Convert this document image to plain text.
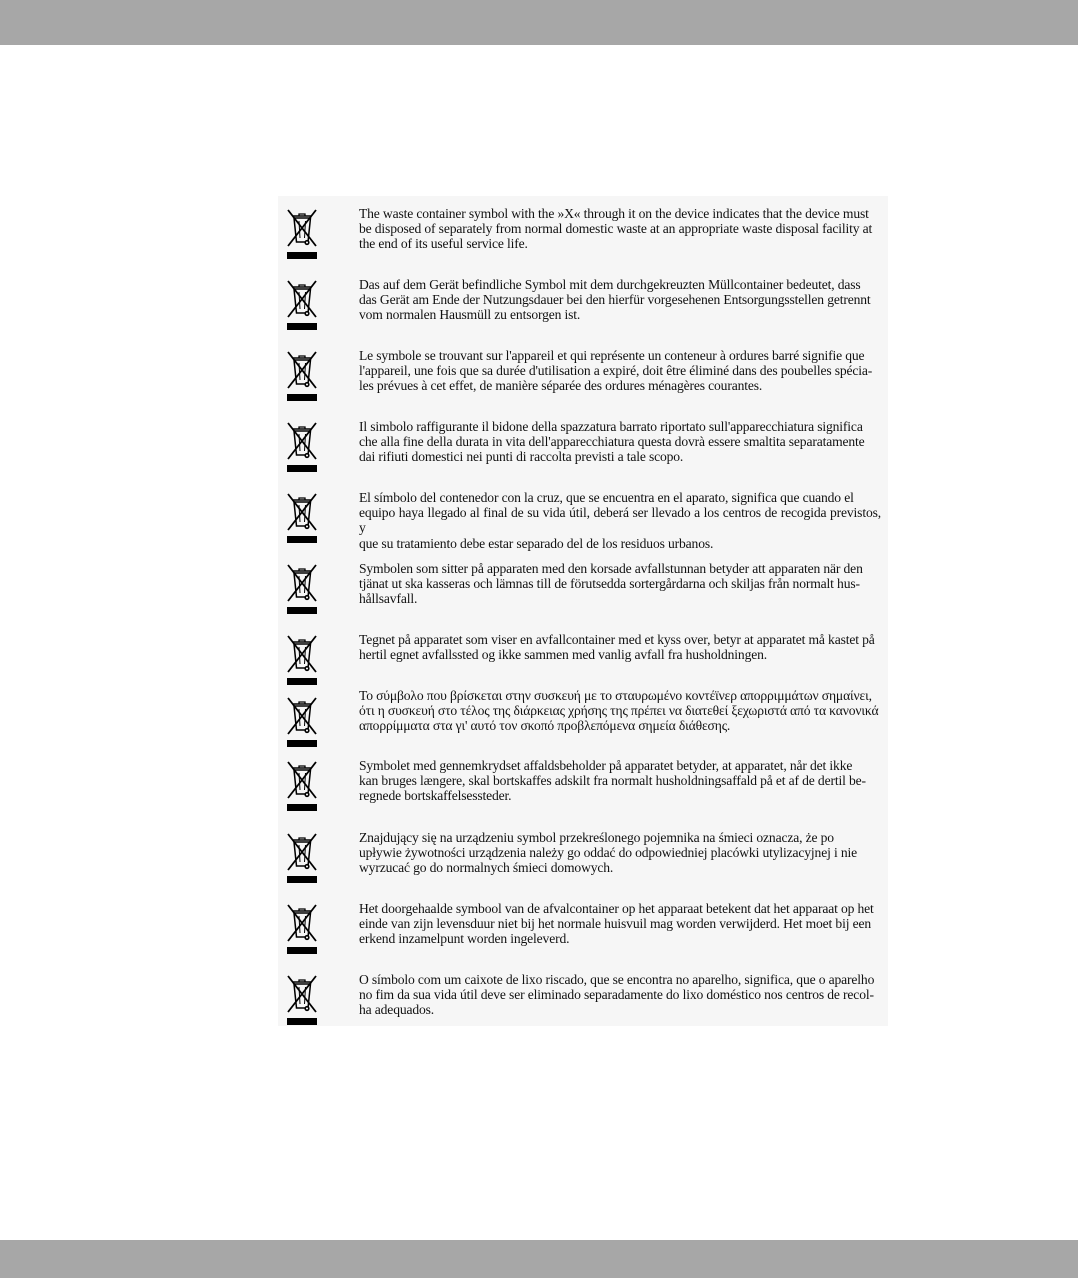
The waste container symbol with the »X« through it on the device indicates that the device must
be disposed of separately from normal domestic waste at an appropriate waste disposal facility at
the end of its useful service life.
Das auf dem Gerät befindliche Symbol mit dem durchgekreuzten Müllcontainer bedeutet, dass
das Gerät am Ende der Nutzungsdauer bei den hierfür vorgesehenen Entsorgungsstellen getrennt
vom normalen Hausmüll zu entsorgen ist.
Le symbole se trouvant sur l'appareil et qui représente un conteneur à ordures barré signifie que
l'appareil, une fois que sa durée d'utilisation a expiré, doit être éliminé dans des poubelles spécia-
les prévues à cet effet, de manière séparée des ordures ménagères courantes.
Il simbolo raffigurante il bidone della spazzatura barrato riportato sull'apparecchiatura significa
che alla fine della durata in vita dell'apparecchiatura questa dovrà essere smaltita separatamente
dai rifiuti domestici nei punti di raccolta previsti a tale scopo.
El símbolo del contenedor con la cruz, que se encuentra en el aparato, significa que cuando el
equipo haya llegado al final de su vida útil, deberá ser llevado a los centros de recogida previstos, y
que su tratamiento debe estar separado del de los residuos urbanos.
Symbolen som sitter på apparaten med den korsade avfallstunnan betyder att apparaten när den
tjänat ut ska kasseras och lämnas till de förutsedda sortergårdarna och skiljas från normalt hus-
hållsavfall.
Tegnet på apparatet som viser en avfallcontainer med et kyss over, betyr at apparatet må kastet på
hertil egnet avfallssted og ikke sammen med vanlig avfall fra husholdningen.
Το σύμβολο που βρίσκεται στην συσκευή με το σταυρωμένο κοντέϊνερ απορριμμάτων σημαίνει,
ότι η συσκευή στο τέλος της διάρκειας χρήσης της πρέπει να διατεθεί ξεχωριστά από τα κανονικά
απορρίμματα στα γι' αυτό τον σκοπό προβλεπόμενα σημεία διάθεσης.
Symbolet med gennemkrydset affaldsbeholder på apparatet betyder, at apparatet, når det ikke
kan bruges længere, skal bortskaffes adskilt fra normalt husholdningsaffald på et af de dertil be-
regnede bortskaffelsessteder.
Znajdujący się na urządzeniu symbol przekreślonego pojemnika na śmieci oznacza, że po
upływie żywotności urządzenia należy go oddać do odpowiedniej placówki utylizacyjnej i nie
wyrzucać go do normalnych śmieci domowych.
Het doorgehaalde symbool van de afvalcontainer op het apparaat betekent dat het apparaat op het
einde van zijn levensduur niet bij het normale huisvuil mag worden verwijderd. Het moet bij een
erkend inzamelpunt worden ingeleverd.
O símbolo com um caixote de lixo riscado, que se encontra no aparelho, significa, que o aparelho
no fim da sua vida útil deve ser eliminado separadamente do lixo doméstico nos centros de recol-
ha adequados.
